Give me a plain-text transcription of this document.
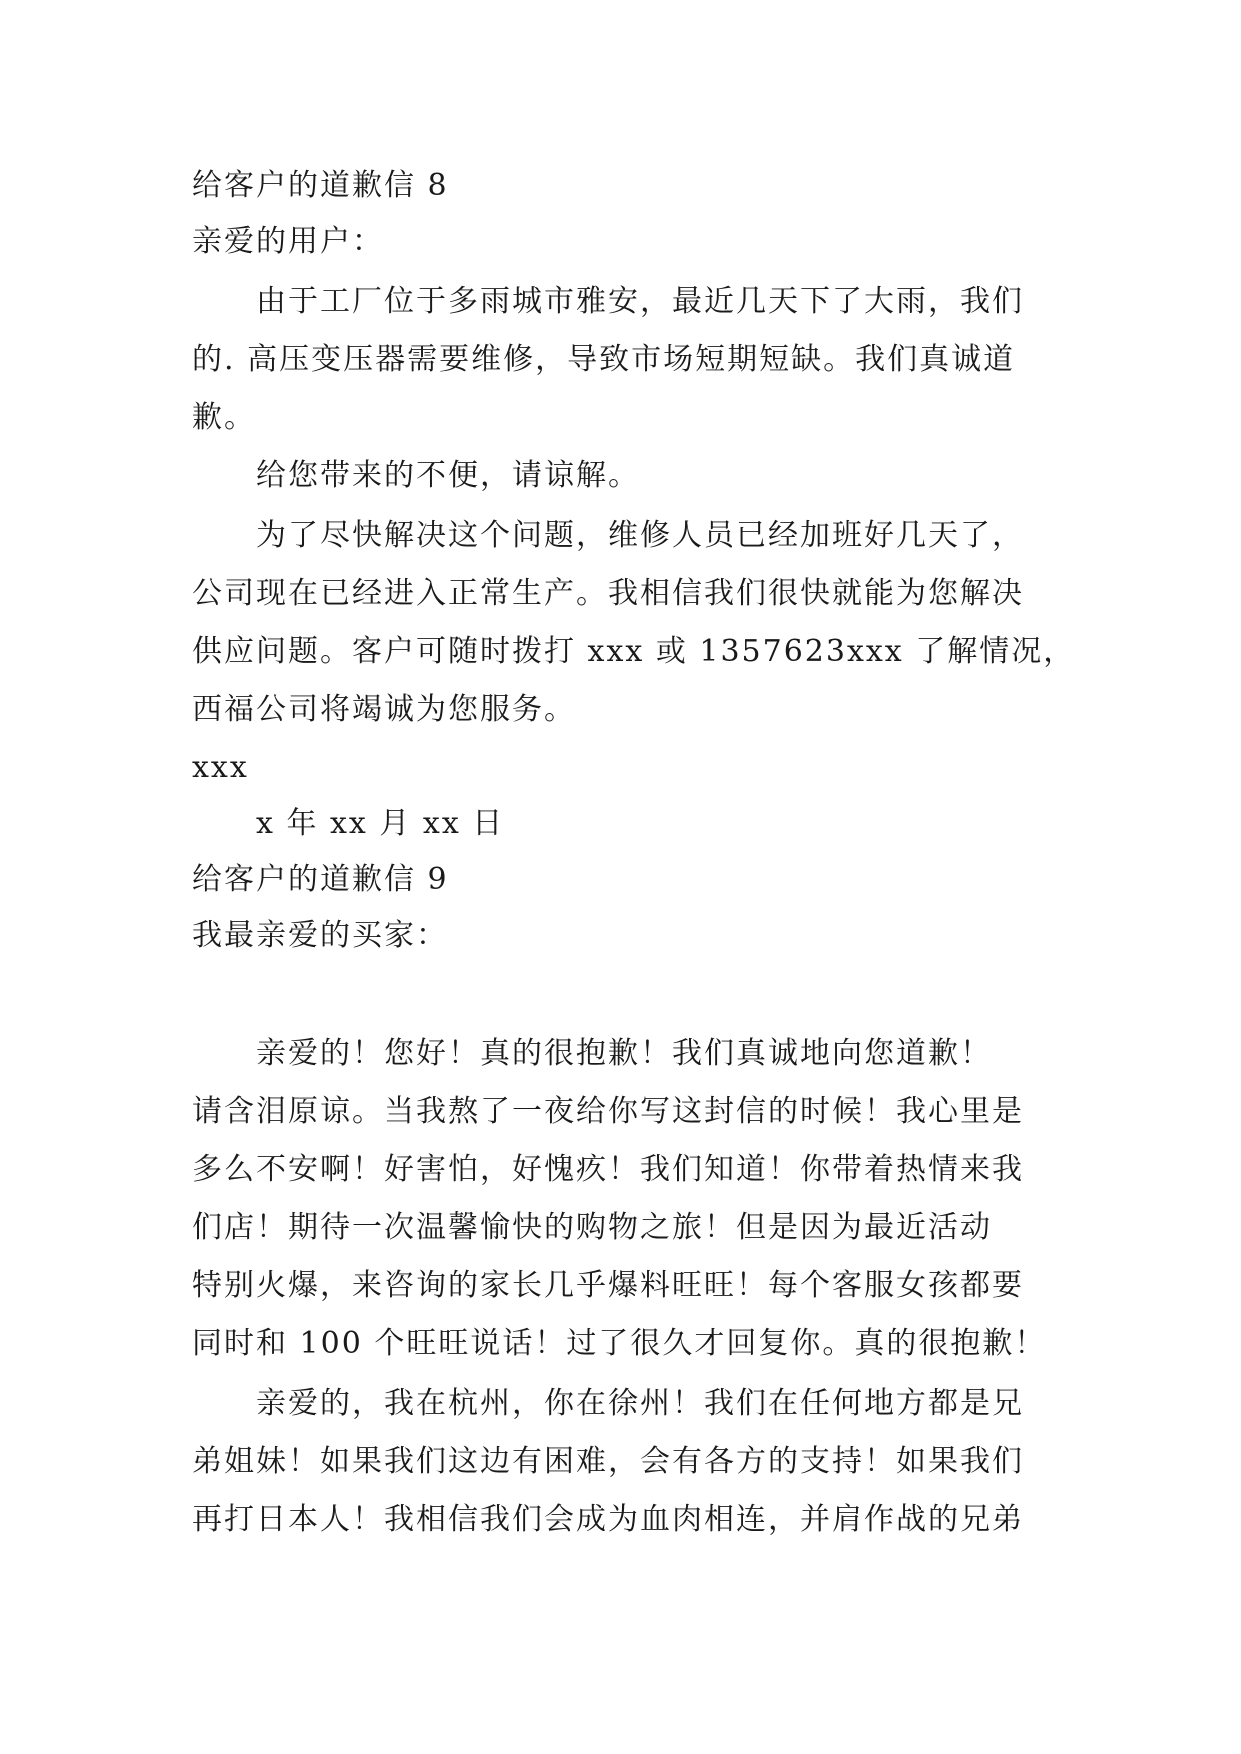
给客户的道歉信 8
亲爱的用户：
由于工厂位于多雨城市雅安，最近几天下了大雨，我们
的. 高压变压器需要维修，导致市场短期短缺。我们真诚道
歉。
给您带来的不便，请谅解。
为了尽快解决这个问题，维修人员已经加班好几天了，
公司现在已经进入正常生产。我相信我们很快就能为您解决
供应问题。客户可随时拨打 xxx 或 1357623xxx 了解情况，
西福公司将竭诚为您服务。
xxx
x 年 xx 月 xx 日
给客户的道歉信 9
我最亲爱的买家：
亲爱的！您好！真的很抱歉！我们真诚地向您道歉！
请含泪原谅。当我熬了一夜给你写这封信的时候！我心里是
多么不安啊！好害怕，好愧疚！我们知道！你带着热情来我
们店！期待一次温馨愉快的购物之旅！但是因为最近活动
特别火爆，来咨询的家长几乎爆料旺旺！每个客服女孩都要
同时和 100 个旺旺说话！过了很久才回复你。真的很抱歉！
亲爱的，我在杭州，你在徐州！我们在任何地方都是兄
弟姐妹！如果我们这边有困难，会有各方的支持！如果我们
再打日本人！我相信我们会成为血肉相连，并肩作战的兄弟
